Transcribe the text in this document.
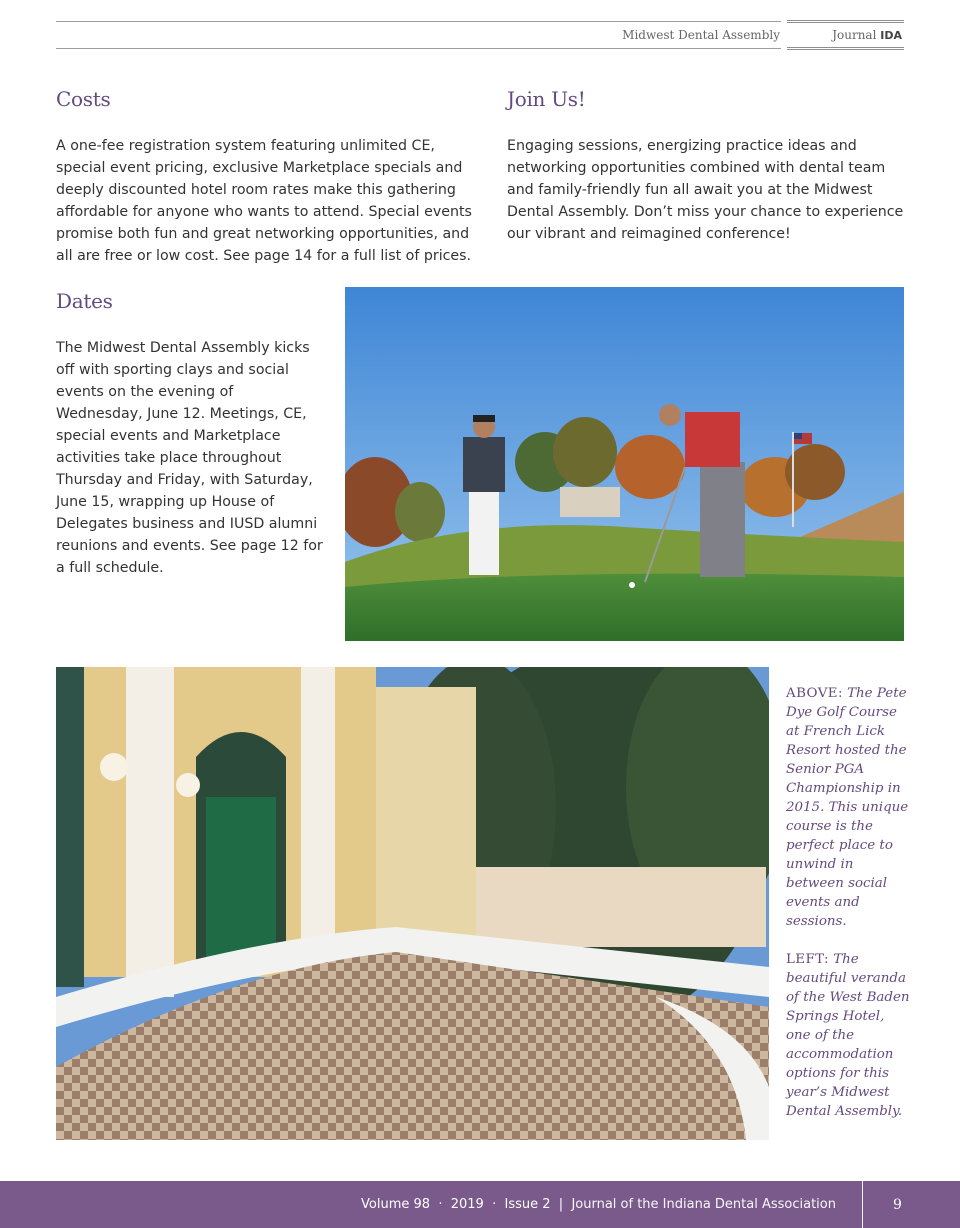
Midwest Dental Assembly	Journal IDA
Costs

A one-fee registration system featuring unlimited CE, special event pricing, exclusive Marketplace specials and deeply discounted hotel room rates make this gathering affordable for anyone who wants to attend. Special events promise both fun and great networking opportunities, and all are free or low cost. See page 14 for a full list of prices.

Join Us!

Engaging sessions, energizing practice ideas and networking opportunities combined with dental team and family-friendly fun all await you at the Midwest Dental Assembly. Don’t miss your chance to experience our vibrant and reimagined conference!

Dates

The Midwest Dental Assembly kicks off with sporting clays and social events on the evening of Wednesday, June 12. Meetings, CE, special events and Marketplace activities take place throughout Thursday and Friday, with Saturday, June 15, wrapping up House of Delegates business and IUSD alumni reunions and events. See page 12 for a full schedule.

ABOVE: The Pete Dye Golf Course at French Lick Resort hosted the Senior PGA Championship in 2015. This unique course is the perfect place to unwind in between social events and sessions.

LEFT: The beautiful veranda of the West Baden Springs Hotel, one of the accommodation options for this year’s Midwest Dental Assembly.

Volume 98  ·  2019  ·  Issue 2  |  Journal of the Indiana Dental Association	9
